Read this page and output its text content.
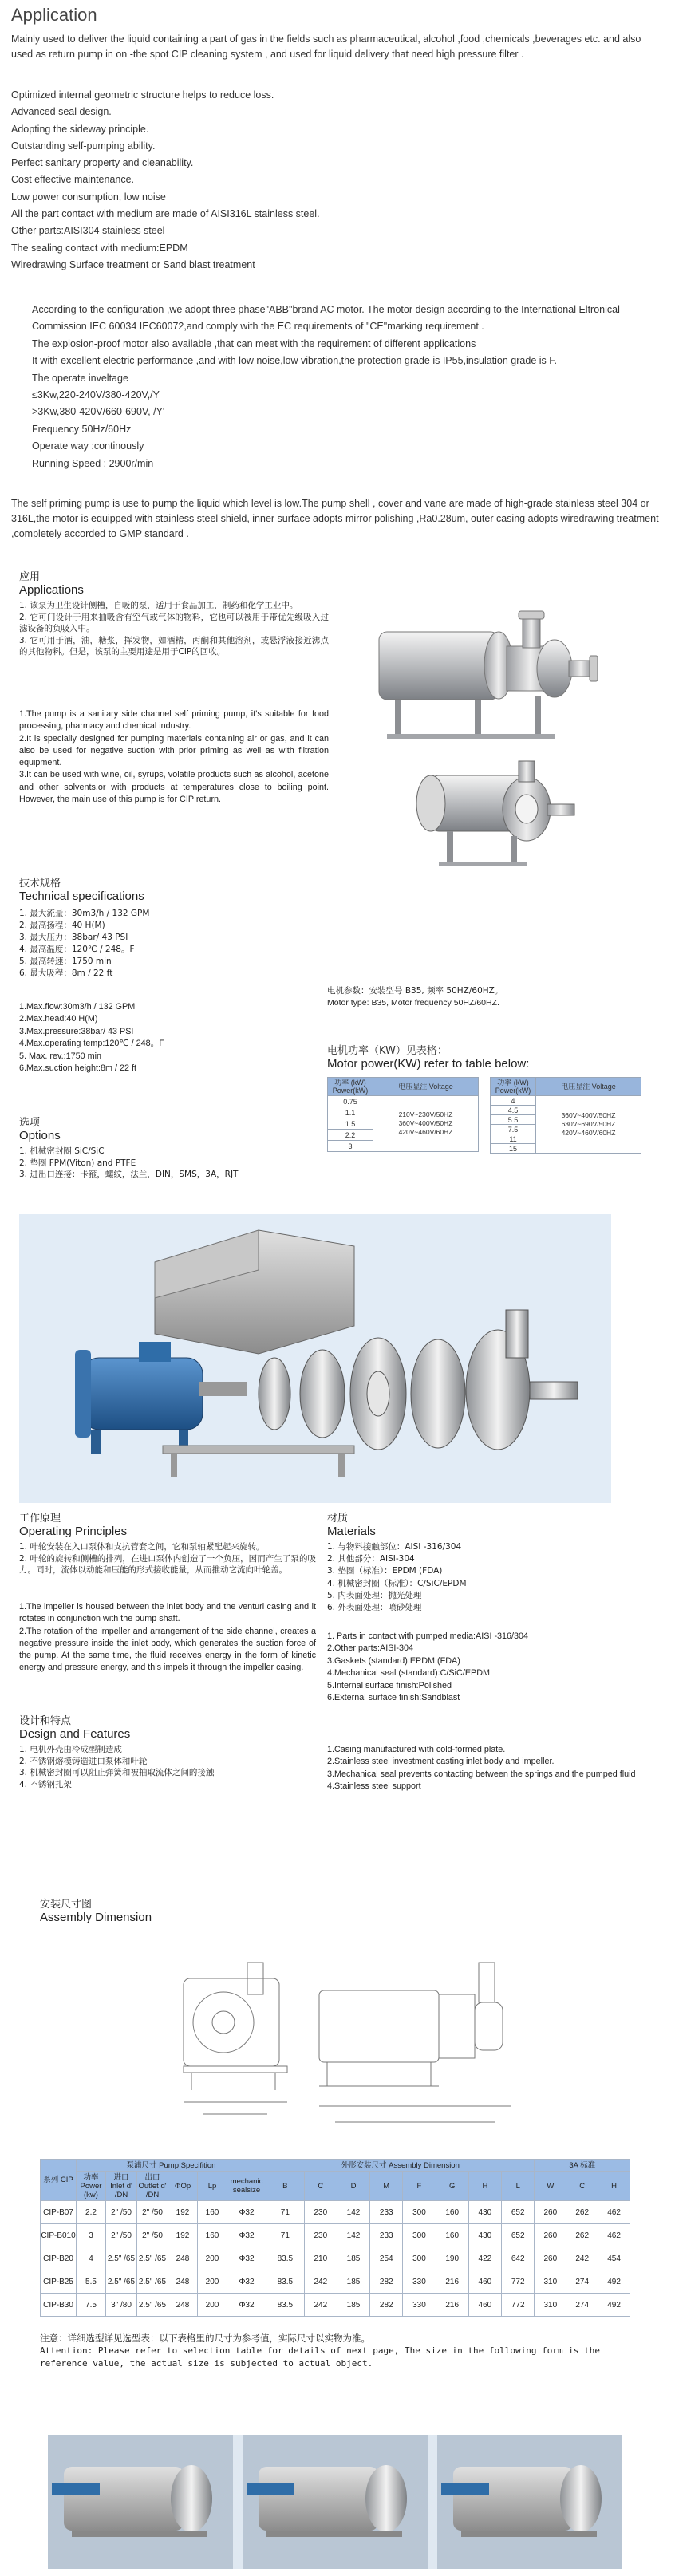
Application

Mainly used to deliver the liquid containing a part of gas in the fields such as pharmaceutical, alcohol ,food ,chemicals ,beverages etc. and also used as return pump in on -the spot CIP cleaning system , and used for liquid delivery that need high pressure filter .

Optimized internal geometric structure helps to reduce loss.
Advanced seal design.
Adopting the sideway principle.
Outstanding self-pumping ability.
Perfect sanitary property and cleanability.
Cost effective maintenance.
Low power consumption, low noise
All the part contact with medium are made of AISI316L stainless steel.
Other parts:AISI304 stainless steel
The sealing contact with medium:EPDM
Wiredrawing Surface treatment or Sand blast treatment
According to the configuration ,we adopt three phase"ABB"brand AC motor. The motor design according to the International Eltronical Commission IEC 60034 IEC60072,and comply with the EC requirements of "CE"marking requirement .
The explosion-proof motor also available ,that can meet with the requirement of different applications
It with excellent electric performance ,and with low noise,low vibration,the protection grade is IP55,insulation grade is F.
The operate inveltage
≤3Kw,220-240V/380-420V,/Y
>3Kw,380-420V/660-690V, /Y'
Frequency 50Hz/60Hz
Operate way :continously
Running Speed : 2900r/min

The self priming pump is use to pump the liquid which level is low.The pump shell , cover and vane are made of high-grade stainless steel 304 or 316L,the motor is equipped with stainless steel shield, inner surface adopts mirror polishing ,Ra0.28um, outer casing adopts wiredrawing treatment ,completely accorded to GMP standard .

应用
Applications
1. 该泵为卫生设计侧槽，自吸的泵，适用于食品加工，制药和化学工业中。
2. 它可门设计于用来抽吸含有空气或气体的物料，它也可以被用于带优先级吸入过滤设备的负吸入中。
3. 它可用于酒，油，糖浆，挥发物，如酒精，丙酮和其他溶剂，或悬浮液接近沸点的其他物料。但是，该泵的主要用途是用于CIP的回收。
1.The pump is a sanitary side channel self priming pump, it’s suitable for food processing, pharmacy and chemical industry.
2.It is specially designed for pumping materials containing air or gas, and it can also be used for negative suction with prior priming as well as with filtration equipment.
3.It can be used with wine, oil, syrups, volatile products such as alcohol, acetone and other solvents,or with products at temperatures close to boiling point. However, the main use of this pump is for CIP return.
技术规格
Technical specifications
1. 最大流量：30m3/h / 132 GPM
2. 最高扬程：40 H(M)
3. 最大压力：38bar/ 43 PSI
4. 最高温度：120℃ / 248。F
5. 最高转速：1750 min
6. 最大吸程：8m / 22 ft
1.Max.flow:30m3/h / 132 GPM
2.Max.head:40 H(M)
3.Max.pressure:38bar/ 43 PSI
4.Max.operating temp:120℃ / 248。F
5. Max. rev.:1750 min
6.Max.suction height:8m / 22 ft
电机参数：安装型号 B35, 频率 50HZ/60HZ。
Motor type: B35, Motor frequency 50HZ/60HZ.
电机功率（KW）见表格：
Motor power(KW) refer to table below:
功率 (kW) Power(kW)	电压显注 Voltage
0.75	210V~230V/50HZ 360V~400V/50HZ 420V~460V/60HZ
1.1	
1.5	
2.2	
3	
功率 (kW) Power(kW)	电压显注 Voltage
4	360V~400V/50HZ 630V~690V/50HZ 420V~460V/60HZ
4.5	
5.5	
7.5	
11	
15	
选项
Options
1. 机械密封圈 SiC/SiC
2. 垫圈 FPM(Viton) and PTFE
3. 进出口连接：卡箍，螺纹，法兰，DIN，SMS，3A，RJT
工作原理
Operating Principles
1. 叶轮安装在入口泵体和支抗管套之间，它和泵轴紧配起来旋转。
2. 叶轮的旋转和侧槽的排列，在进口泵体内创造了一个负压，因而产生了泵的吸力。同时，流体以动能和压能的形式接收能量，从而推动它流向叶轮盖。
1.The impeller is housed between the inlet body and the venturi casing and it rotates in conjunction with the pump shaft.
2.The rotation of the impeller and arrangement of the side channel, creates a negative pressure inside the inlet body, which generates the suction force of the pump. At the same time, the fluid receives energy in the form of kinetic energy and pressure energy, and this impels it through the impeller casing.
材质
Materials
1. 与物料接触部位：AISI -316/304
2. 其他部分：AISI-304
3. 垫圈（标准）：EPDM (FDA)
4. 机械密封圈（标准）：C/SiC/EPDM
5. 内表面处理：抛光处理
6. 外表面处理：喷砂处理
1. Parts in contact with pumped media:AISI -316/304
2.Other parts:AISI-304
3.Gaskets (standard):EPDM (FDA)
4.Mechanical seal (standard):C/SiC/EPDM
5.Internal surface finish:Polished
6.External surface finish:Sandblast
设计和特点
Design and Features
1. 电机外壳由冷成型制造成
2. 不锈钢熔模铸造进口泵体和叶轮
3. 机械密封圈可以阻止弹簧和被抽取流体之间的接触
4. 不锈钢扎架
1.Casing manufactured with cold-formed plate.
2.Stainless steel investment casting inlet body and impeller.
3.Mechanical seal prevents contacting between the springs and the pumped fluid
4.Stainless steel support
安装尺寸图
Assembly Dimension
系列 CIP	泵浦尺寸 Pump Specifition						外形安装尺寸 Assembly Dimension								3A 标准		
	功率 Power (kw)	进口 Inlet d' /DN	出口 Outlet d' /DN	ΦOp	Lp	mechanic sealsize	B	C	D	M	F	G	H	L	W	C	H
CIP-B07	2.2	2" /50	2" /50	192	160	Φ32	71	230	142	233	300	160	430	652	260	262	462
CIP-B010	3	2" /50	2" /50	192	160	Φ32	71	230	142	233	300	160	430	652	260	262	462
CIP-B20	4	2.5" /65	2.5" /65	248	200	Φ32	83.5	210	185	254	300	190	422	642	260	242	454
CIP-B25	5.5	2.5" /65	2.5" /65	248	200	Φ32	83.5	242	185	282	330	216	460	772	310	274	492
CIP-B30	7.5	3" /80	2.5" /65	248	200	Φ32	83.5	242	185	282	330	216	460	772	310	274	492
注意：详细选型详见选型表：以下表格里的尺寸为参考值，实际尺寸以实物为准。
Attention: Please refer to selection table for details of next page, The size in the following form is the reference value, the actual size is subjected to actual object.
